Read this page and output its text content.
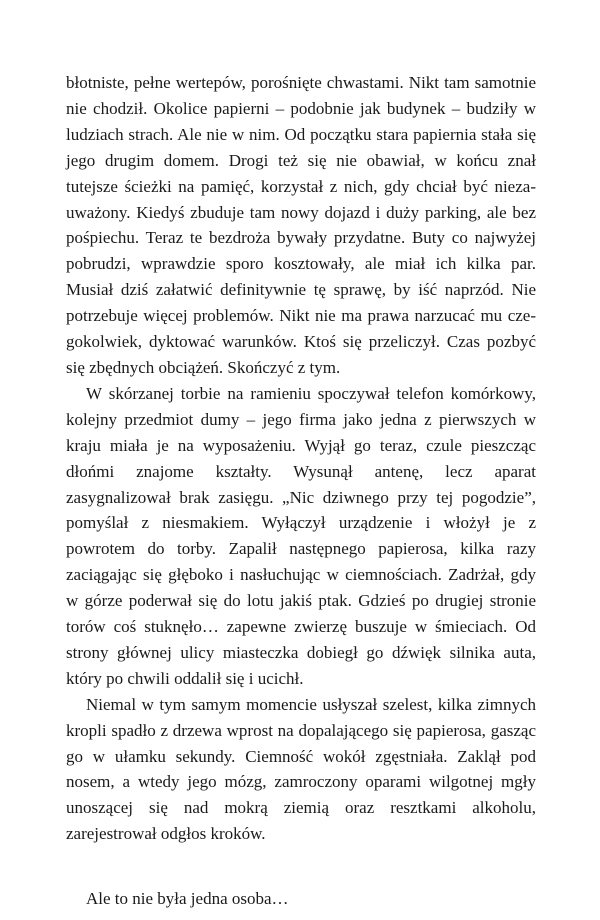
błotniste, pełne wertepów, porośnięte chwastami. Nikt tam samotnie nie chodził. Okolice papierni – podobnie jak budynek – budziły w ludziach strach. Ale nie w nim. Od początku stara papiernia stała się jego drugim domem. Drogi też się nie obawiał, w końcu znał tutejsze ścieżki na pamięć, korzystał z nich, gdy chciał być niezauważony. Kiedyś zbuduje tam nowy dojazd i duży parking, ale bez pośpiechu. Teraz te bezdroża bywały przydatne. Buty co najwyżej pobrudzi, wprawdzie sporo kosztowały, ale miał ich kilka par. Musiał dziś załatwić definitywnie tę sprawę, by iść naprzód. Nie potrzebuje więcej problemów. Nikt nie ma prawa narzucać mu czegokolwiek, dyktować warunków. Ktoś się przeliczył. Czas pozbyć się zbędnych obciążeń. Skończyć z tym.

W skórzanej torbie na ramieniu spoczywał telefon komórkowy, kolejny przedmiot dumy – jego firma jako jedna z pierwszych w kraju miała je na wyposażeniu. Wyjął go teraz, czule pieszcząc dłońmi znajome kształty. Wysunął antenę, lecz aparat zasygnalizował brak zasięgu. „Nic dziwnego przy tej pogodzie”, pomyślał z niesmakiem. Wyłączył urządzenie i włożył je z powrotem do torby. Zapalił następnego papierosa, kilka razy zaciągając się głęboko i nasłuchując w ciemnościach. Zadrżał, gdy w górze poderwał się do lotu jakiś ptak. Gdzieś po drugiej stronie torów coś stuknęło… zapewne zwierzę buszuje w śmieciach. Od strony głównej ulicy miasteczka dobiegł go dźwięk silnika auta, który po chwili oddalił się i ucichł.

Niemal w tym samym momencie usłyszał szelest, kilka zimnych kropli spadło z drzewa wprost na dopalającego się papierosa, gasząc go w ułamku sekundy. Ciemność wokół zgęstniała. Zaklął pod nosem, a wtedy jego mózg, zamroczony oparami wilgotnej mgły unoszącej się nad mokrą ziemią oraz resztkami alkoholu, zarejestrował odgłos kroków.

Ale to nie była jedna osoba…
